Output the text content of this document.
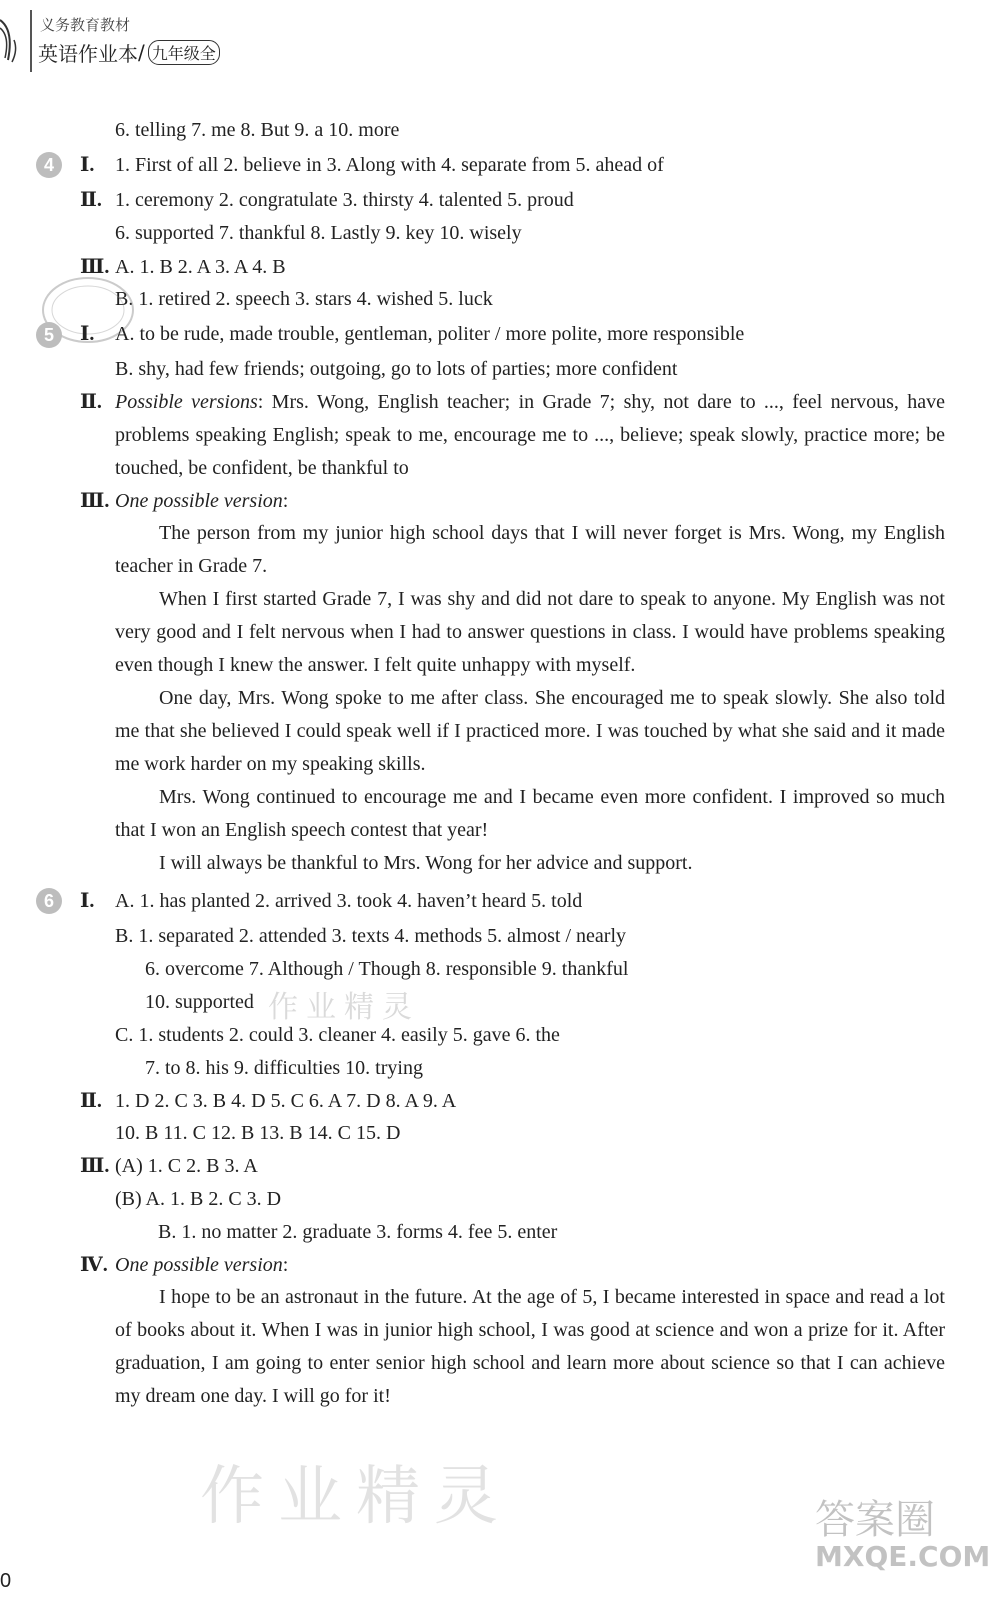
义务教育教材
英语作业本/ 九年级全
6. telling 7. me 8. But 9. a 10. more
4	Ⅰ. 1. First of all 2. believe in 3. Along with 4. separate from 5. ahead of
Ⅱ. 1. ceremony 2. congratulate 3. thirsty 4. talented 5. proud
6. supported 7. thankful 8. Lastly 9. key 10. wisely
Ⅲ. A. 1. B 2. A 3. A 4. B
B. 1. retired 2. speech 3. stars 4. wished 5. luck
5	Ⅰ. A. to be rude, made trouble, gentleman, politer / more polite, more responsible
B. shy, had few friends; outgoing, go to lots of parties; more confident
Ⅱ. Possible versions: Mrs. Wong, English teacher; in Grade 7; shy, not dare to ..., feel nervous, have problems speaking English; speak to me, encourage me to ..., believe; speak slowly, practice more; be touched, be confident, be thankful to
Ⅲ. One possible version:
The person from my junior high school days that I will never forget is Mrs. Wong, my English teacher in Grade 7.
When I first started Grade 7, I was shy and did not dare to speak to anyone. My English was not very good and I felt nervous when I had to answer questions in class. I would have problems speaking even though I knew the answer. I felt quite unhappy with myself.
One day, Mrs. Wong spoke to me after class. She encouraged me to speak slowly. She also told me that she believed I could speak well if I practiced more. I was touched by what she said and it made me work harder on my speaking skills.
Mrs. Wong continued to encourage me and I became even more confident. I improved so much that I won an English speech contest that year!
I will always be thankful to Mrs. Wong for her advice and support.
6	Ⅰ. A. 1. has planted 2. arrived 3. took 4. haven’t heard 5. told
B. 1. separated 2. attended 3. texts 4. methods 5. almost / nearly
6. overcome 7. Although / Though 8. responsible 9. thankful
10. supported
C. 1. students 2. could 3. cleaner 4. easily 5. gave 6. the
7. to 8. his 9. difficulties 10. trying
Ⅱ. 1. D 2. C 3. B 4. D 5. C 6. A 7. D 8. A 9. A
10. B 11. C 12. B 13. B 14. C 15. D
Ⅲ. (A) 1. C 2. B 3. A
(B) A. 1. B 2. C 3. D
B. 1. no matter 2. graduate 3. forms 4. fee 5. enter
Ⅳ. One possible version:
I hope to be an astronaut in the future. At the age of 5, I became interested in space and read a lot of books about it. When I was in junior high school, I was good at science and won a prize for it. After graduation, I am going to enter senior high school and learn more about science so that I can achieve my dream one day. I will go for it!
作业精灵
作业精灵	答案圈
MXQE.COM
0
